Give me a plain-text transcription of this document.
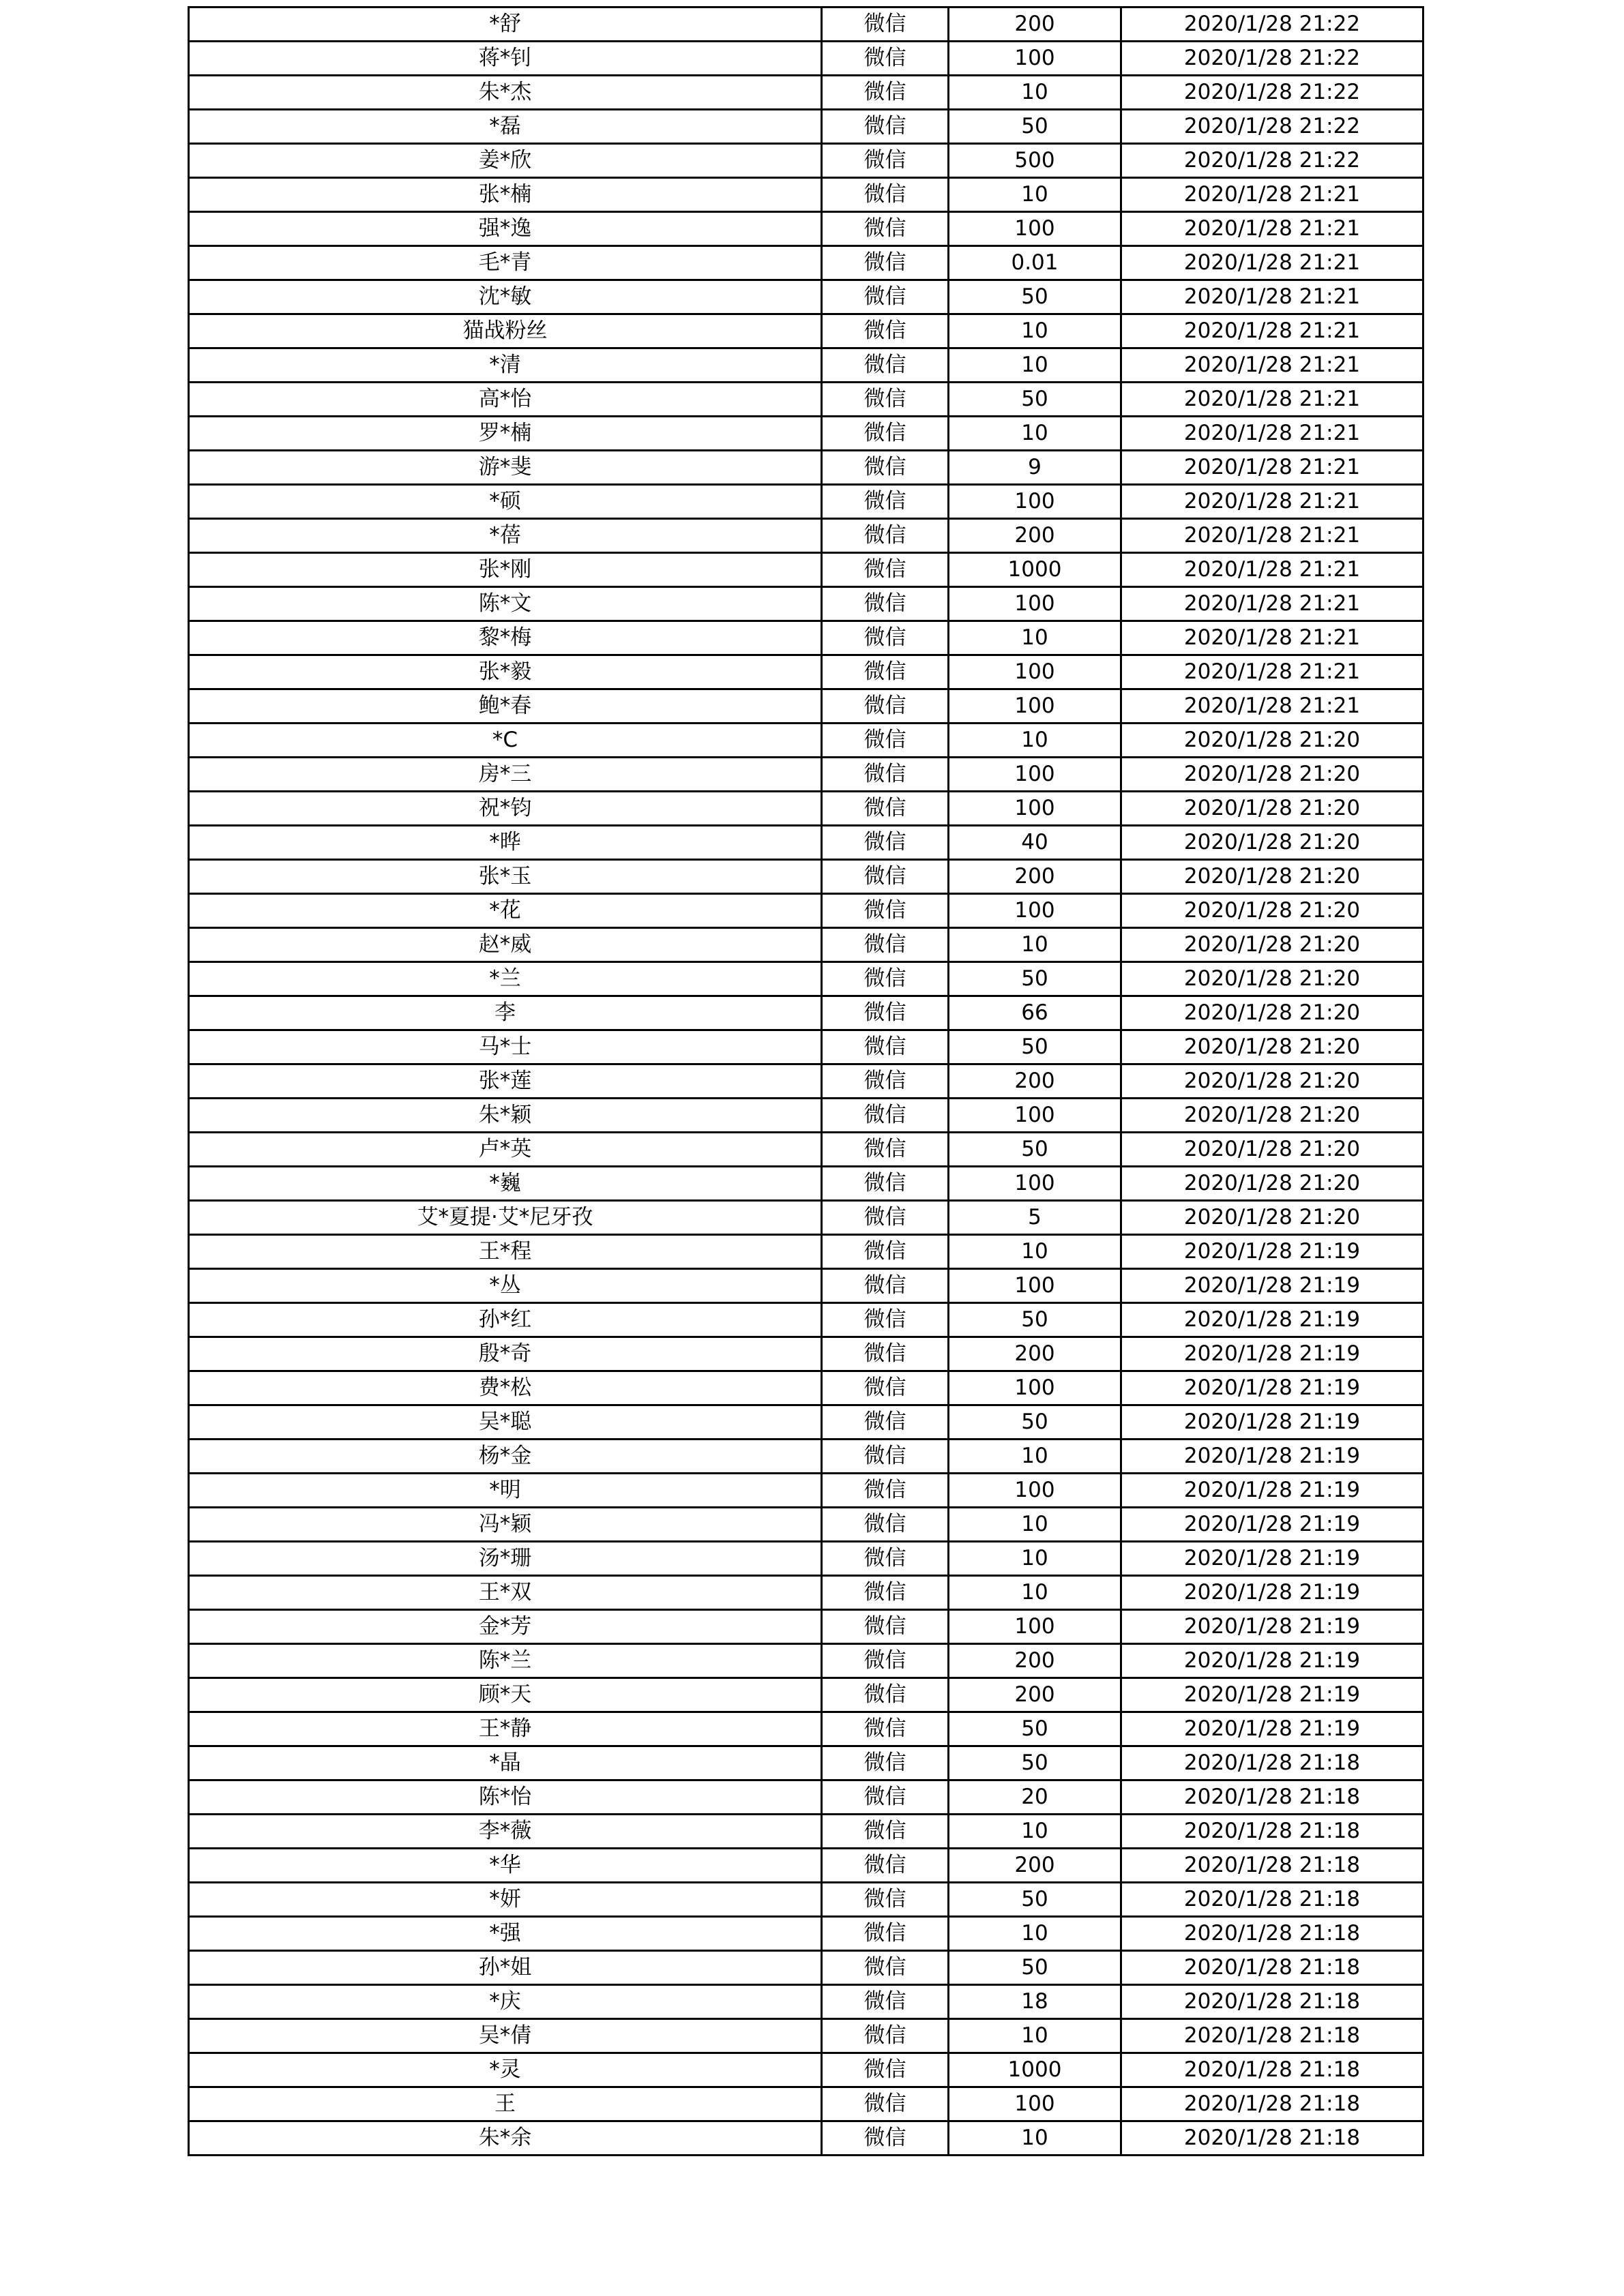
*舒	微信	200	2020/1/28 21:22
蒋*钊	微信	100	2020/1/28 21:22
朱*杰	微信	10	2020/1/28 21:22
*磊	微信	50	2020/1/28 21:22
姜*欣	微信	500	2020/1/28 21:22
张*楠	微信	10	2020/1/28 21:21
强*逸	微信	100	2020/1/28 21:21
毛*青	微信	0.01	2020/1/28 21:21
沈*敏	微信	50	2020/1/28 21:21
猫战粉丝	微信	10	2020/1/28 21:21
*清	微信	10	2020/1/28 21:21
高*怡	微信	50	2020/1/28 21:21
罗*楠	微信	10	2020/1/28 21:21
游*斐	微信	9	2020/1/28 21:21
*硕	微信	100	2020/1/28 21:21
*蓓	微信	200	2020/1/28 21:21
张*刚	微信	1000	2020/1/28 21:21
陈*文	微信	100	2020/1/28 21:21
黎*梅	微信	10	2020/1/28 21:21
张*毅	微信	100	2020/1/28 21:21
鲍*春	微信	100	2020/1/28 21:21
*C	微信	10	2020/1/28 21:20
房*三	微信	100	2020/1/28 21:20
祝*钧	微信	100	2020/1/28 21:20
*晔	微信	40	2020/1/28 21:20
张*玉	微信	200	2020/1/28 21:20
*花	微信	100	2020/1/28 21:20
赵*威	微信	10	2020/1/28 21:20
*兰	微信	50	2020/1/28 21:20
李	微信	66	2020/1/28 21:20
马*士	微信	50	2020/1/28 21:20
张*莲	微信	200	2020/1/28 21:20
朱*颖	微信	100	2020/1/28 21:20
卢*英	微信	50	2020/1/28 21:20
*巍	微信	100	2020/1/28 21:20
艾*夏提·艾*尼牙孜	微信	5	2020/1/28 21:20
王*程	微信	10	2020/1/28 21:19
*丛	微信	100	2020/1/28 21:19
孙*红	微信	50	2020/1/28 21:19
殷*奇	微信	200	2020/1/28 21:19
费*松	微信	100	2020/1/28 21:19
吴*聪	微信	50	2020/1/28 21:19
杨*金	微信	10	2020/1/28 21:19
*明	微信	100	2020/1/28 21:19
冯*颖	微信	10	2020/1/28 21:19
汤*珊	微信	10	2020/1/28 21:19
王*双	微信	10	2020/1/28 21:19
金*芳	微信	100	2020/1/28 21:19
陈*兰	微信	200	2020/1/28 21:19
顾*天	微信	200	2020/1/28 21:19
王*静	微信	50	2020/1/28 21:19
*晶	微信	50	2020/1/28 21:18
陈*怡	微信	20	2020/1/28 21:18
李*薇	微信	10	2020/1/28 21:18
*华	微信	200	2020/1/28 21:18
*妍	微信	50	2020/1/28 21:18
*强	微信	10	2020/1/28 21:18
孙*姐	微信	50	2020/1/28 21:18
*庆	微信	18	2020/1/28 21:18
吴*倩	微信	10	2020/1/28 21:18
*灵	微信	1000	2020/1/28 21:18
王	微信	100	2020/1/28 21:18
朱*余	微信	10	2020/1/28 21:18
